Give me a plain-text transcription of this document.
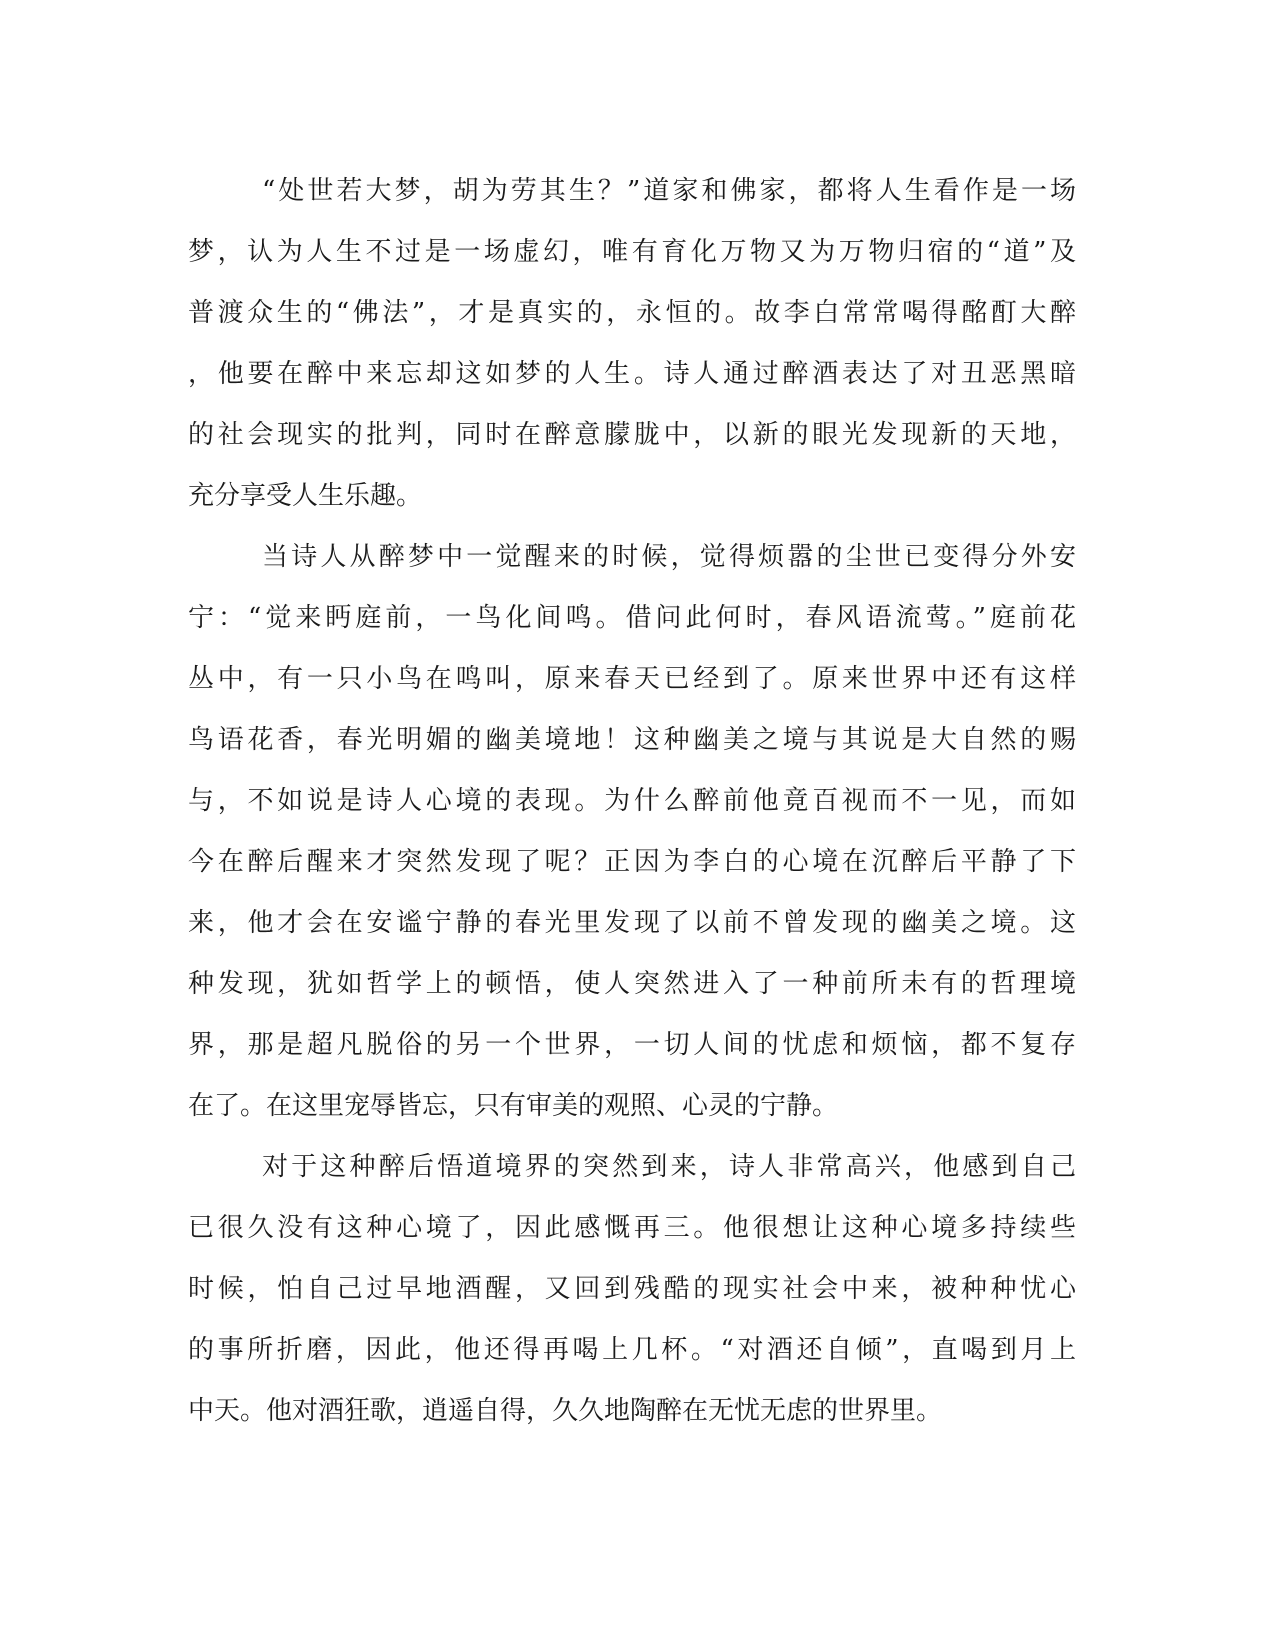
“处世若大梦，胡为劳其生？”道家和佛家，都将人生看作是一场
梦，认为人生不过是一场虚幻，唯有育化万物又为万物归宿的“道”及
普渡众生的“佛法”，才是真实的，永恒的。故李白常常喝得酩酊大醉
，他要在醉中来忘却这如梦的人生。诗人通过醉酒表达了对丑恶黑暗
的社会现实的批判，同时在醉意朦胧中，以新的眼光发现新的天地，
充分享受人生乐趣。
当诗人从醉梦中一觉醒来的时候，觉得烦嚣的尘世已变得分外安
宁：“觉来眄庭前，一鸟化间鸣。借问此何时，春风语流莺。”庭前花
丛中，有一只小鸟在鸣叫，原来春天已经到了。原来世界中还有这样
鸟语花香，春光明媚的幽美境地！这种幽美之境与其说是大自然的赐
与，不如说是诗人心境的表现。为什么醉前他竟百视而不一见，而如
今在醉后醒来才突然发现了呢？正因为李白的心境在沉醉后平静了下
来，他才会在安谧宁静的春光里发现了以前不曾发现的幽美之境。这
种发现，犹如哲学上的顿悟，使人突然进入了一种前所未有的哲理境
界，那是超凡脱俗的另一个世界，一切人间的忧虑和烦恼，都不复存
在了。在这里宠辱皆忘，只有审美的观照、心灵的宁静。
对于这种醉后悟道境界的突然到来，诗人非常高兴，他感到自己
已很久没有这种心境了，因此感慨再三。他很想让这种心境多持续些
时候，怕自己过早地酒醒，又回到残酷的现实社会中来，被种种忧心
的事所折磨，因此，他还得再喝上几杯。“对酒还自倾”，直喝到月上
中天。他对酒狂歌，逍遥自得，久久地陶醉在无忧无虑的世界里。
